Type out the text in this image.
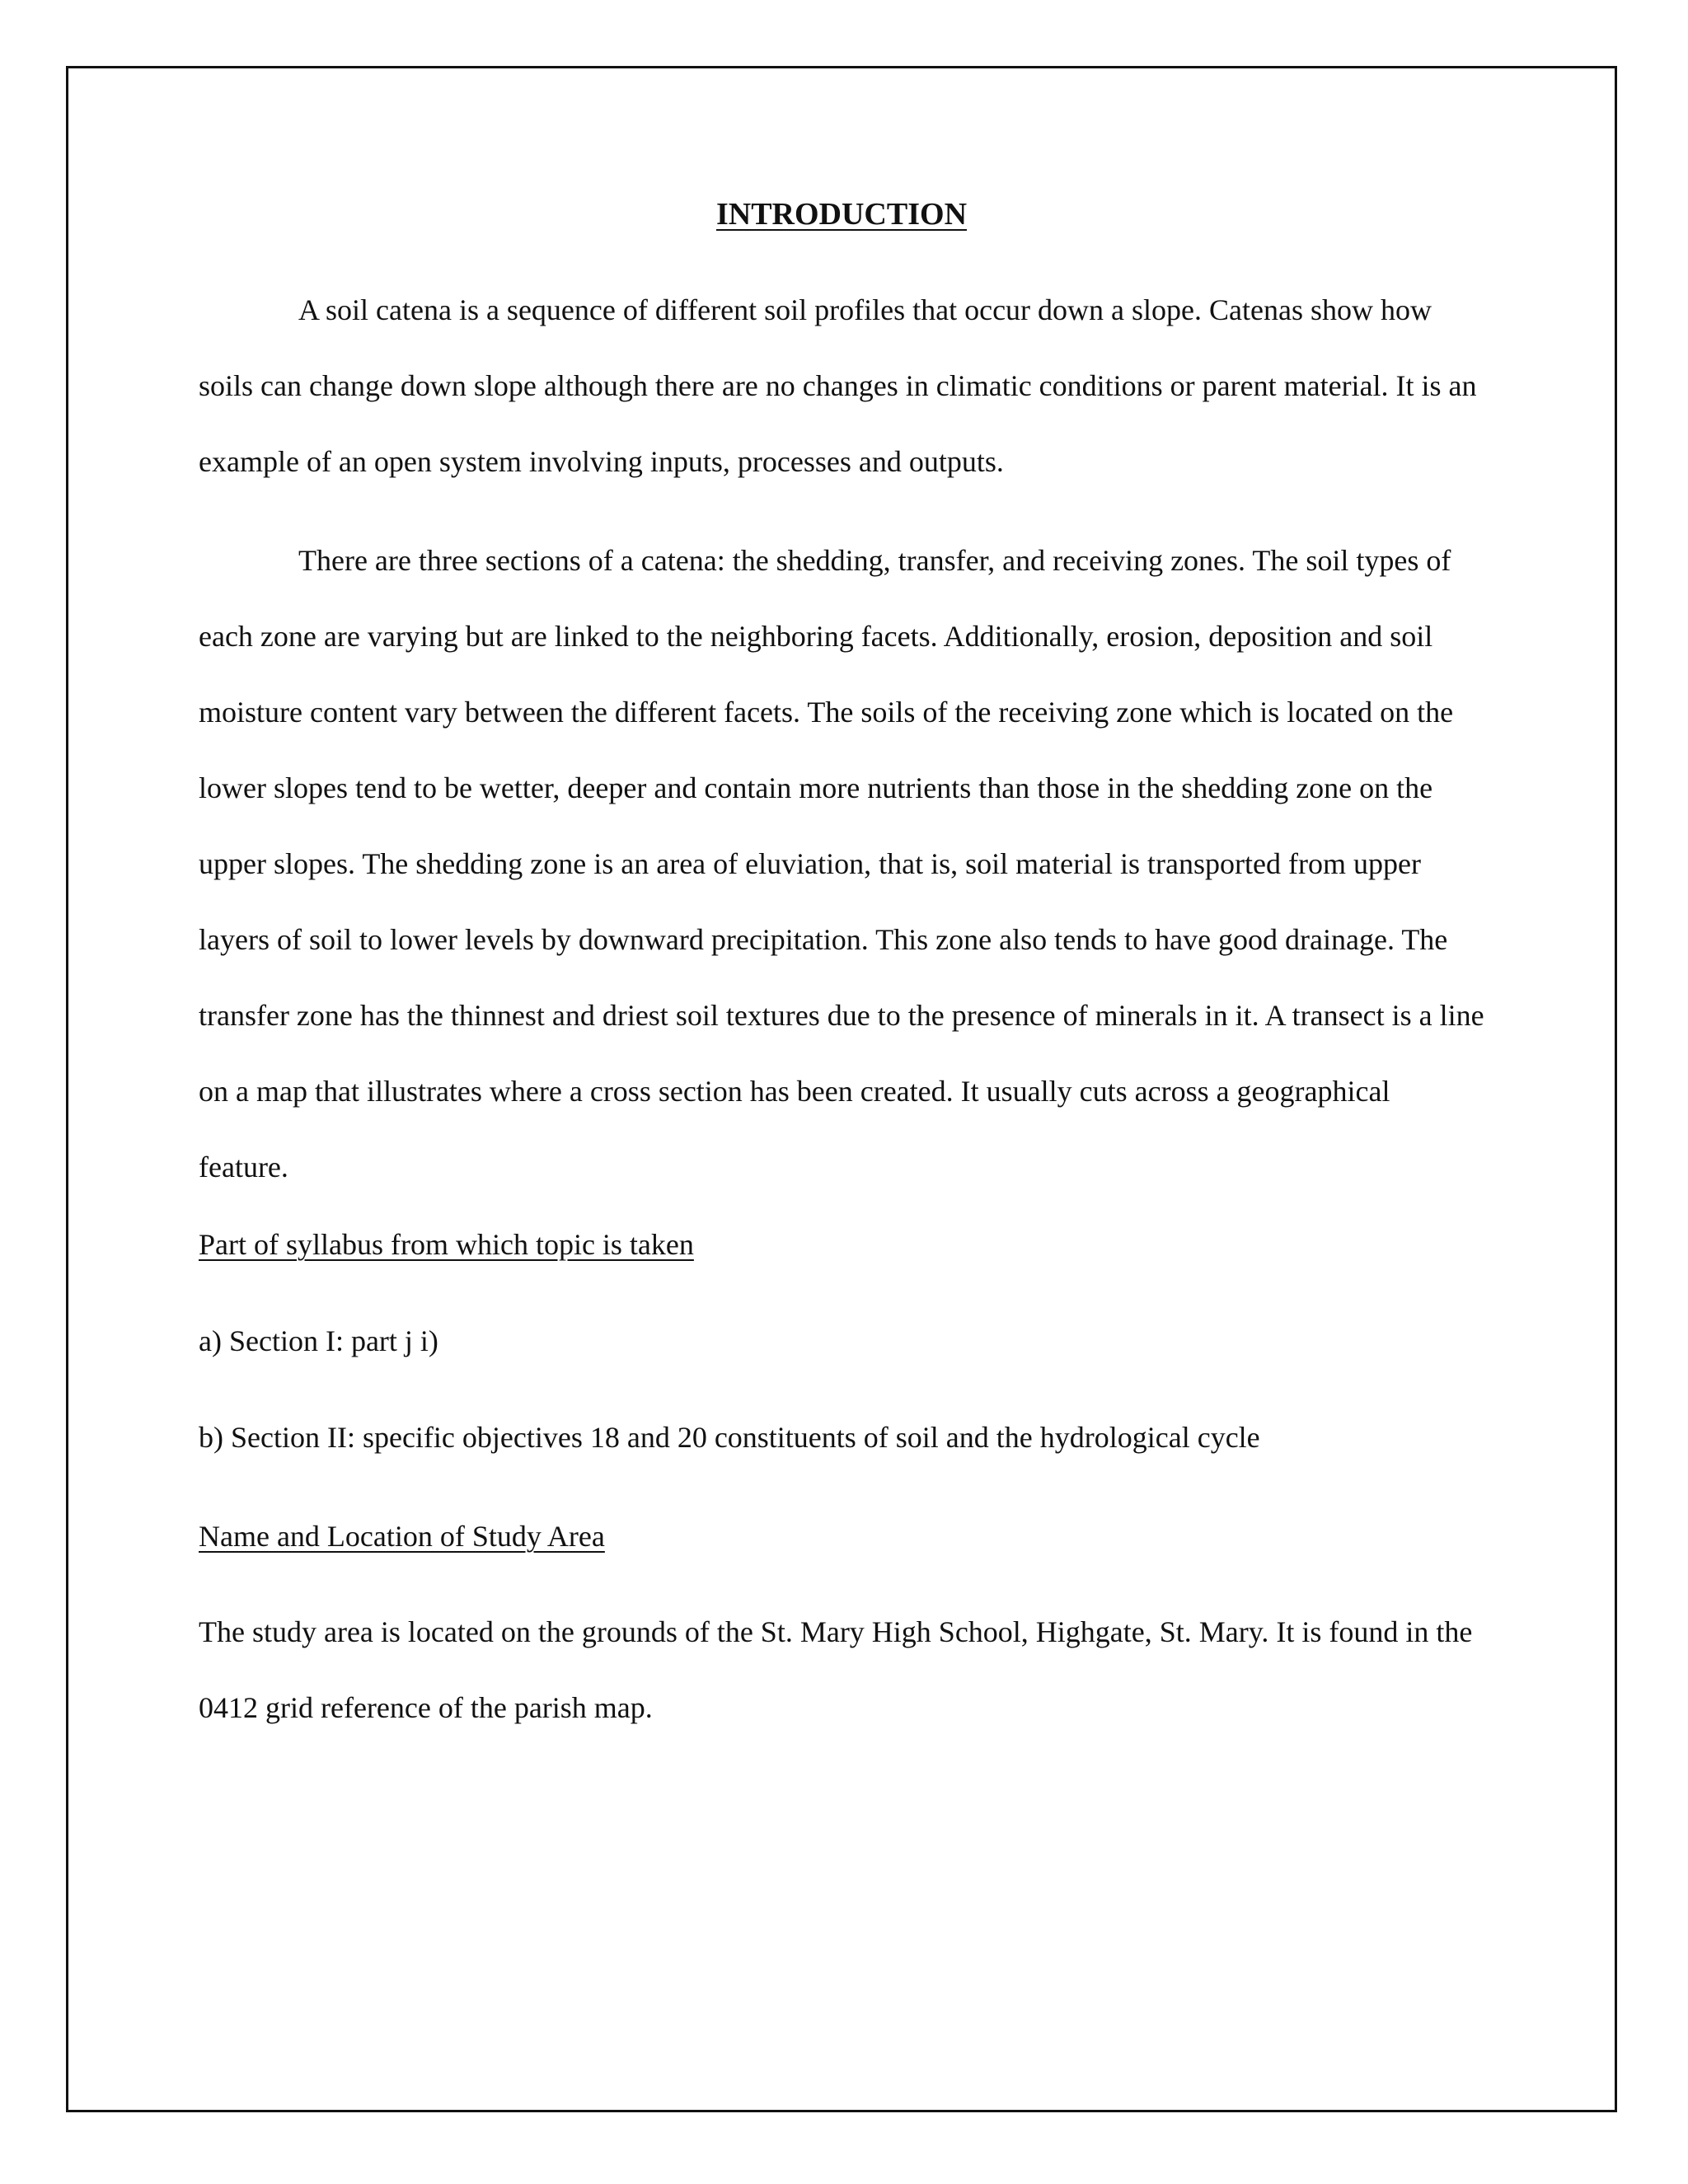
INTRODUCTION

A soil catena is a sequence of different soil profiles that occur down a slope. Catenas show how soils can change down slope although there are no changes in climatic conditions or parent material. It is an example of an open system involving inputs, processes and outputs.

There are three sections of a catena: the shedding, transfer, and receiving zones. The soil types of each zone are varying but are linked to the neighboring facets. Additionally, erosion, deposition and soil moisture content vary between the different facets. The soils of the receiving zone which is located on the lower slopes tend to be wetter, deeper and contain more nutrients than those in the shedding zone on the upper slopes. The shedding zone is an area of eluviation, that is, soil material is transported from upper layers of soil to lower levels by downward precipitation. This zone also tends to have good drainage. The transfer zone has the thinnest and driest soil textures due to the presence of minerals in it. A transect is a line on a map that illustrates where a cross section has been created. It usually cuts across a geographical feature.

Part of syllabus from which topic is taken

a) Section I: part j i)

b) Section II: specific objectives 18 and 20 constituents of soil and the hydrological cycle

Name and Location of Study Area

The study area is located on the grounds of the St. Mary High School, Highgate, St. Mary. It is found in the 0412 grid reference of the parish map.
